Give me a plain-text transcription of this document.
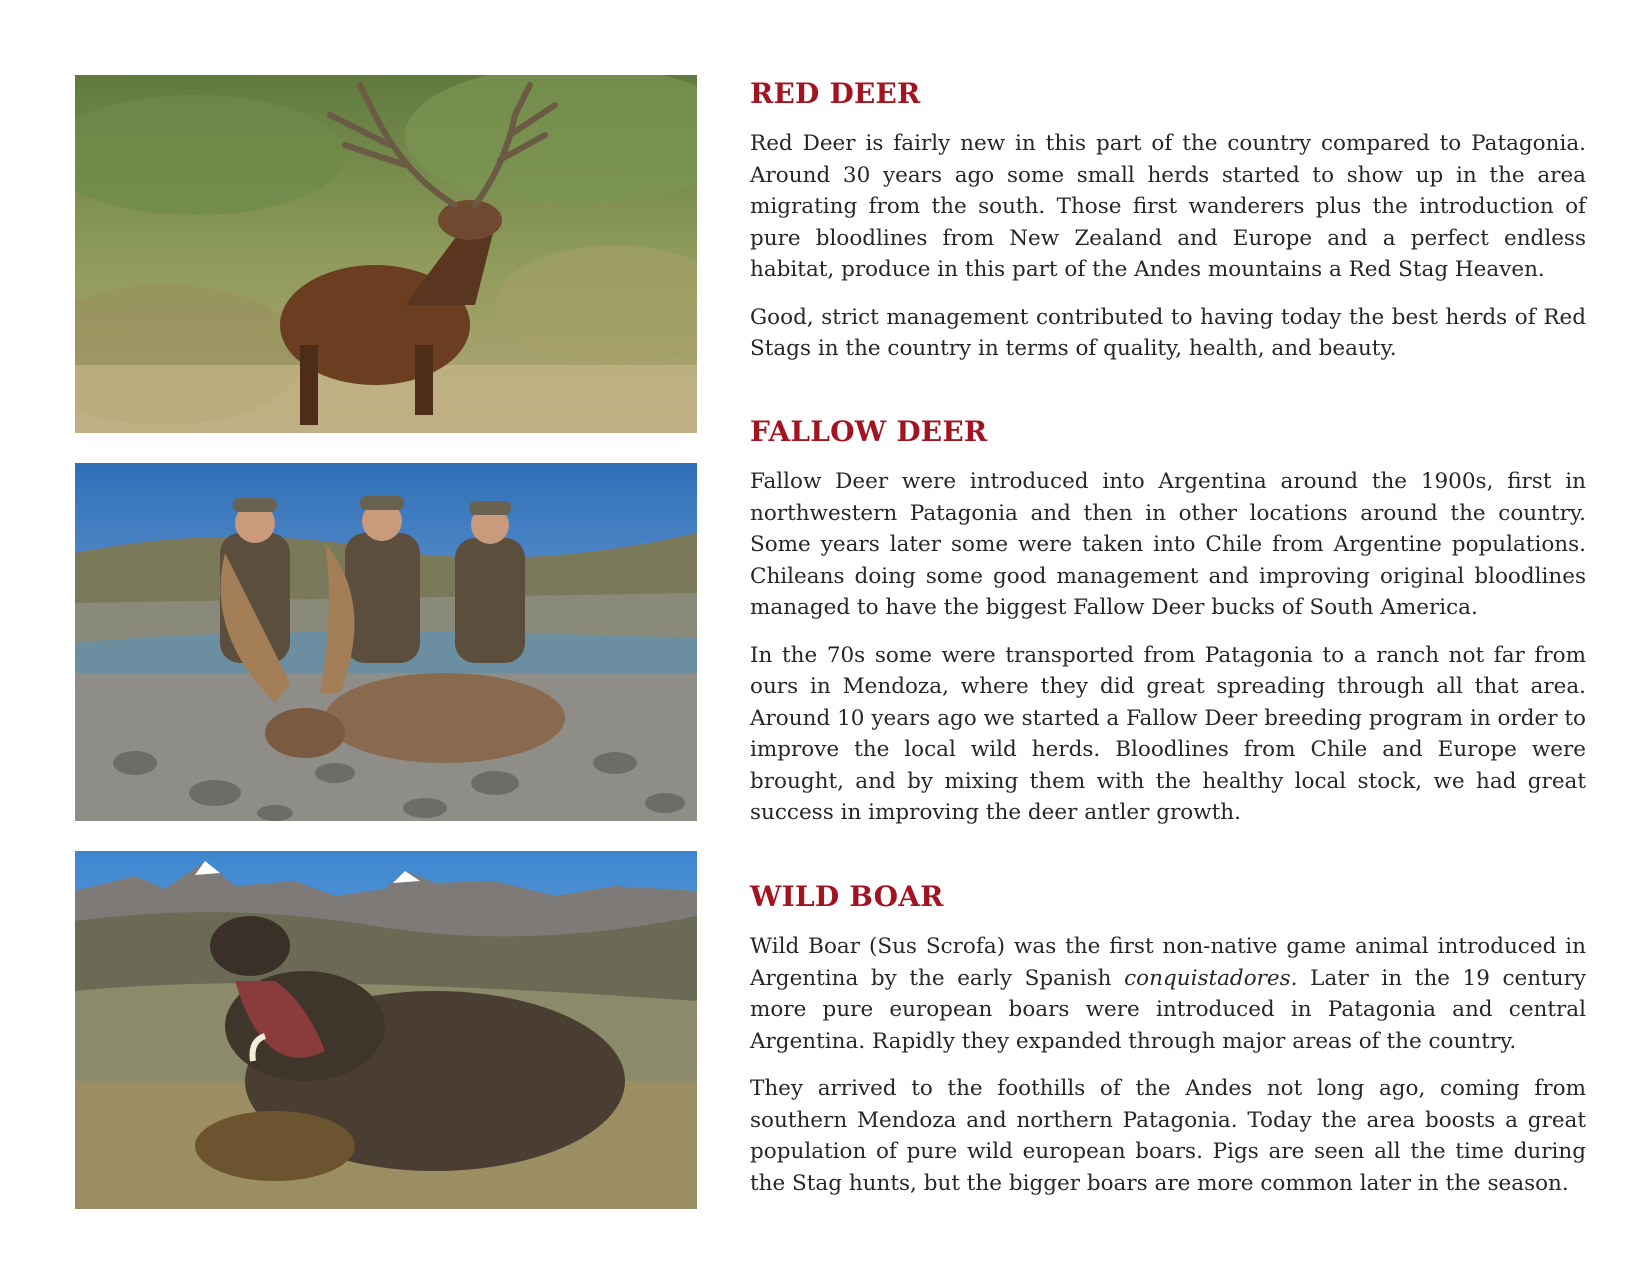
RED DEER

Red Deer is fairly new in this part of the country compared to Patagonia. Around 30 years ago some small herds started to show up in the area migrating from the south. Those first wanderers plus the introduction of pure bloodlines from New Zealand and Europe and a perfect endless habitat, produce in this part of the Andes mountains a Red Stag Heaven.

Good, strict management contributed to having today the best herds of Red Stags in the country in terms of quality, health, and beauty.

FALLOW DEER

Fallow Deer were introduced into Argentina around the 1900s, first in northwestern Patagonia and then in other locations around the country. Some years later some were taken into Chile from Argentine populations. Chileans doing some good management and improving original bloodlines managed to have the biggest Fallow Deer bucks of South America.

In the 70s some were transported from Patagonia to a ranch not far from ours in Mendoza, where they did great spreading through all that area. Around 10 years ago we started a Fallow Deer breeding program in order to improve the local wild herds. Bloodlines from Chile and Europe were brought, and by mixing them with the healthy local stock, we had great success in improving the deer antler growth.

WILD BOAR

Wild Boar (Sus Scrofa) was the first non-native game animal introduced in Argentina by the early Spanish conquistadores. Later in the 19 century more pure european boars were introduced in Patagonia and central Argentina. Rapidly they expanded through major areas of the country.

They arrived to the foothills of the Andes not long ago, coming from southern Mendoza and northern Patagonia. Today the area boosts a great population of pure wild european boars. Pigs are seen all the time during the Stag hunts, but the bigger boars are more common later in the season.
